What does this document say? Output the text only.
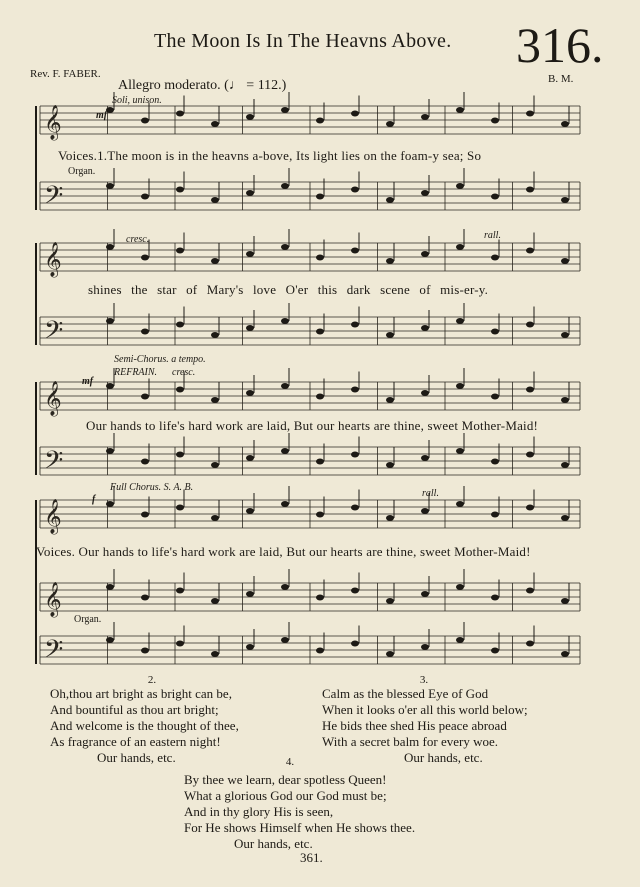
The Moon Is In The Heavns Above. 316.
Rev. F. FABER.	B. M.
Allegro moderato. (♩ = 112.)
𝄞
𝄢
𝄞
𝄢
𝄞
𝄢
𝄞
𝄞
𝄢
Soli, unison.
mf
Voices.1.The moon is in the heavns a-bove, Its light lies on the foam-y sea; So
Organ.
cresc.	rall.
shines the star of Mary's love O'er this dark scene of mis-er-y.
Semi-Chorus. a tempo.
REFRAIN. cresc.
mf
Our hands to life's hard work are laid, But our hearts are thine, sweet Mother-Maid!
Full Chorus. S. A. B.
rall.
f
Voices. Our hands to life's hard work are laid, But our hearts are thine, sweet Mother-Maid!
Organ.
2.
Oh,thou art bright as bright can be,
And bountiful as thou art bright;
And welcome is the thought of thee,
As fragrance of an eastern night!
Our hands, etc.
3.
Calm as the blessed Eye of God
When it looks o'er all this world below;
He bids thee shed His peace abroad
With a secret balm for every woe.
Our hands, etc.
4.
By thee we learn, dear spotless Queen!
What a glorious God our God must be;
And in thy glory His is seen,
For He shows Himself when He shows thee.
Our hands, etc.
361.
